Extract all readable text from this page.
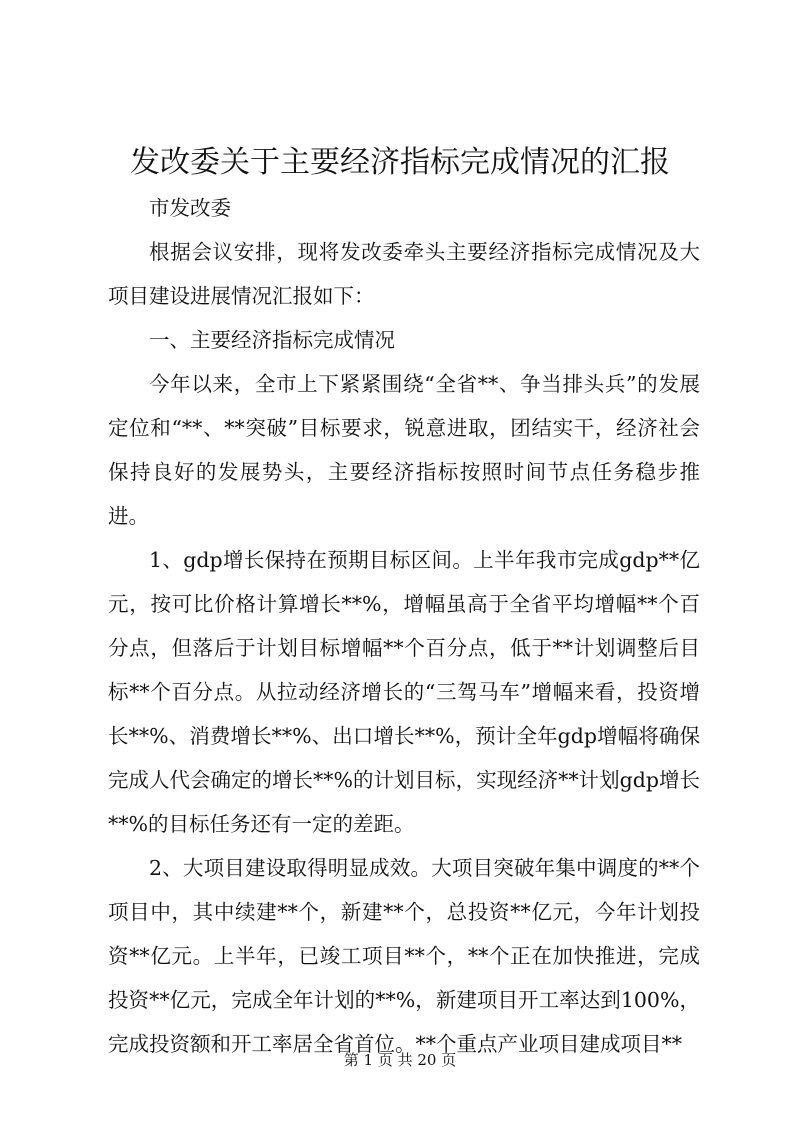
发改委关于主要经济指标完成情况的汇报

市发改委

根据会议安排，现将发改委牵头主要经济指标完成情况及大项目建设进展情况汇报如下：

一、主要经济指标完成情况

今年以来，全市上下紧紧围绕“全省**、争当排头兵”的发展定位和“**、**突破”目标要求，锐意进取，团结实干，经济社会保持良好的发展势头，主要经济指标按照时间节点任务稳步推进。

1、gdp增长保持在预期目标区间。上半年我市完成gdp**亿元，按可比价格计算增长**%，增幅虽高于全省平均增幅**个百分点，但落后于计划目标增幅**个百分点，低于**计划调整后目标**个百分点。从拉动经济增长的“三驾马车”增幅来看，投资增长**%、消费增长**%、出口增长**%，预计全年gdp增幅将确保完成人代会确定的增长**%的计划目标，实现经济**计划gdp增长**%的目标任务还有一定的差距。

2、大项目建设取得明显成效。大项目突破年集中调度的**个项目中，其中续建**个，新建**个，总投资**亿元，今年计划投资**亿元。上半年，已竣工项目**个，**个正在加快推进，完成投资**亿元，完成全年计划的**%，新建项目开工率达到100%，完成投资额和开工率居全省首位。**个重点产业项目建成项目**

第 1 页 共 20 页
